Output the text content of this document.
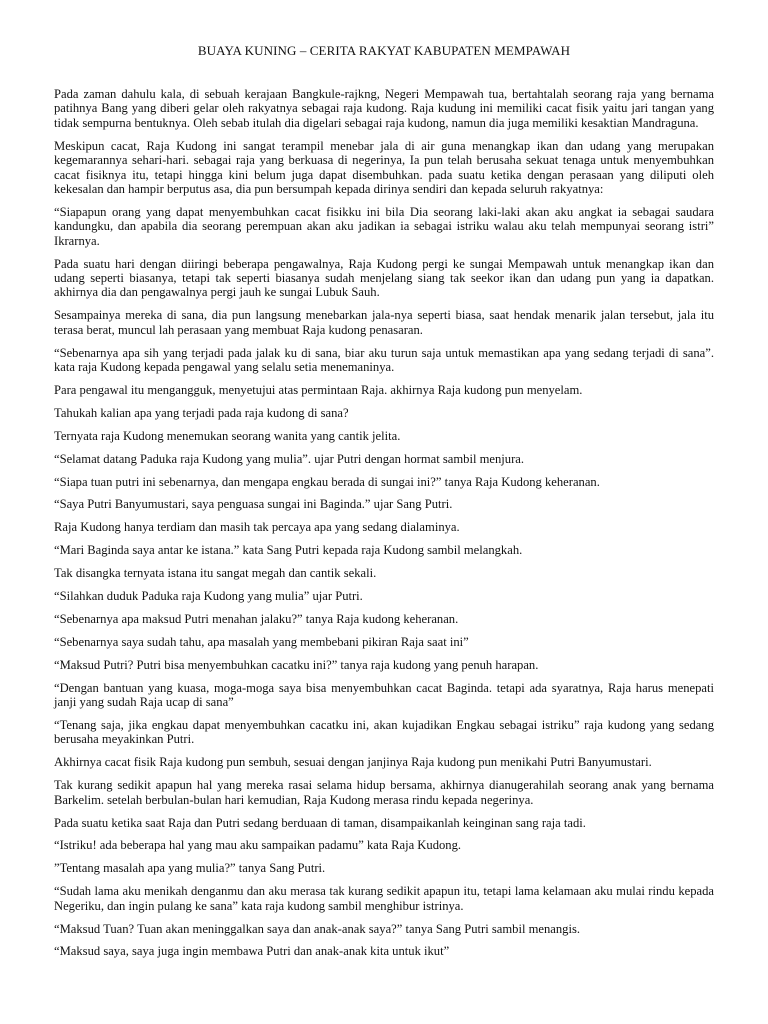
BUAYA KUNING – CERITA RAKYAT KABUPATEN MEMPAWAH

Pada zaman dahulu kala, di sebuah kerajaan Bangkule-rajkng, Negeri Mempawah tua, bertahtalah seorang raja yang bernama patihnya Bang yang diberi gelar oleh rakyatnya sebagai raja kudong. Raja kudung ini memiliki cacat fisik yaitu jari tangan yang tidak sempurna bentuknya. Oleh sebab itulah dia digelari sebagai raja kudong, namun dia juga memiliki kesaktian Mandraguna.

Meskipun cacat, Raja Kudong ini sangat terampil menebar jala di air guna menangkap ikan dan udang yang merupakan kegemarannya sehari-hari. sebagai raja yang berkuasa di negerinya, Ia pun telah berusaha sekuat tenaga untuk menyembuhkan cacat fisiknya itu, tetapi hingga kini belum juga dapat disembuhkan. pada suatu ketika dengan perasaan yang diliputi oleh kekesalan dan hampir berputus asa, dia pun bersumpah kepada dirinya sendiri dan kepada seluruh rakyatnya:

“Siapapun orang yang dapat menyembuhkan cacat fisikku ini bila Dia seorang laki-laki akan aku angkat ia sebagai saudara kandungku, dan apabila dia seorang perempuan akan aku jadikan ia sebagai istriku walau aku telah mempunyai seorang istri” Ikrarnya.

Pada suatu hari dengan diiringi beberapa pengawalnya, Raja Kudong pergi ke sungai Mempawah untuk menangkap ikan dan udang seperti biasanya, tetapi tak seperti biasanya sudah menjelang siang tak seekor ikan dan udang pun yang ia dapatkan. akhirnya dia dan pengawalnya pergi jauh ke sungai Lubuk Sauh.

Sesampainya mereka di sana, dia pun langsung menebarkan jala-nya seperti biasa, saat hendak menarik jalan tersebut, jala itu terasa berat, muncul lah perasaan yang membuat Raja kudong penasaran.

“Sebenarnya apa sih yang terjadi pada jalak ku di sana, biar aku turun saja untuk memastikan apa yang sedang terjadi di sana”. kata raja Kudong kepada pengawal yang selalu setia menemaninya.

Para pengawal itu mengangguk, menyetujui atas permintaan Raja. akhirnya Raja kudong pun menyelam.

Tahukah kalian apa yang terjadi pada raja kudong di sana?

Ternyata raja Kudong menemukan seorang wanita yang cantik jelita.

“Selamat datang Paduka raja Kudong yang mulia”. ujar Putri dengan hormat sambil menjura.

“Siapa tuan putri ini sebenarnya, dan mengapa engkau berada di sungai ini?” tanya Raja Kudong keheranan.

“Saya Putri Banyumustari, saya penguasa sungai ini Baginda.” ujar Sang Putri.

Raja Kudong hanya terdiam dan masih tak percaya apa yang sedang dialaminya.

“Mari Baginda saya antar ke istana.” kata Sang Putri kepada raja Kudong sambil melangkah.

Tak disangka ternyata istana itu sangat megah dan cantik sekali.

“Silahkan duduk Paduka raja Kudong yang mulia” ujar Putri.

“Sebenarnya apa maksud Putri menahan jalaku?” tanya Raja kudong keheranan.

“Sebenarnya saya sudah tahu, apa masalah yang membebani pikiran Raja saat ini”

“Maksud Putri? Putri bisa menyembuhkan cacatku ini?” tanya raja kudong yang penuh harapan.

“Dengan bantuan yang kuasa, moga-moga saya bisa menyembuhkan cacat Baginda. tetapi ada syaratnya, Raja harus menepati janji yang sudah Raja ucap di sana”

“Tenang saja, jika engkau dapat menyembuhkan cacatku ini, akan kujadikan Engkau sebagai istriku” raja kudong yang sedang berusaha meyakinkan Putri.

Akhirnya cacat fisik Raja kudong pun sembuh, sesuai dengan janjinya Raja kudong pun menikahi Putri Banyumustari.

Tak kurang sedikit apapun hal yang mereka rasai selama hidup bersama, akhirnya dianugerahilah seorang anak yang bernama Barkelim. setelah berbulan-bulan hari kemudian, Raja Kudong merasa rindu kepada negerinya.

Pada suatu ketika saat Raja dan Putri sedang berduaan di taman, disampaikanlah keinginan sang raja tadi.

“Istriku! ada beberapa hal yang mau aku sampaikan padamu” kata Raja Kudong.

”Tentang masalah apa yang mulia?” tanya Sang Putri.

“Sudah lama aku menikah denganmu dan aku merasa tak kurang sedikit apapun itu, tetapi lama kelamaan aku mulai rindu kepada Negeriku, dan ingin pulang ke sana” kata raja kudong sambil menghibur istrinya.

“Maksud Tuan? Tuan akan meninggalkan saya dan anak-anak saya?” tanya Sang Putri sambil menangis.

“Maksud saya, saya juga ingin membawa Putri dan anak-anak kita untuk ikut”
